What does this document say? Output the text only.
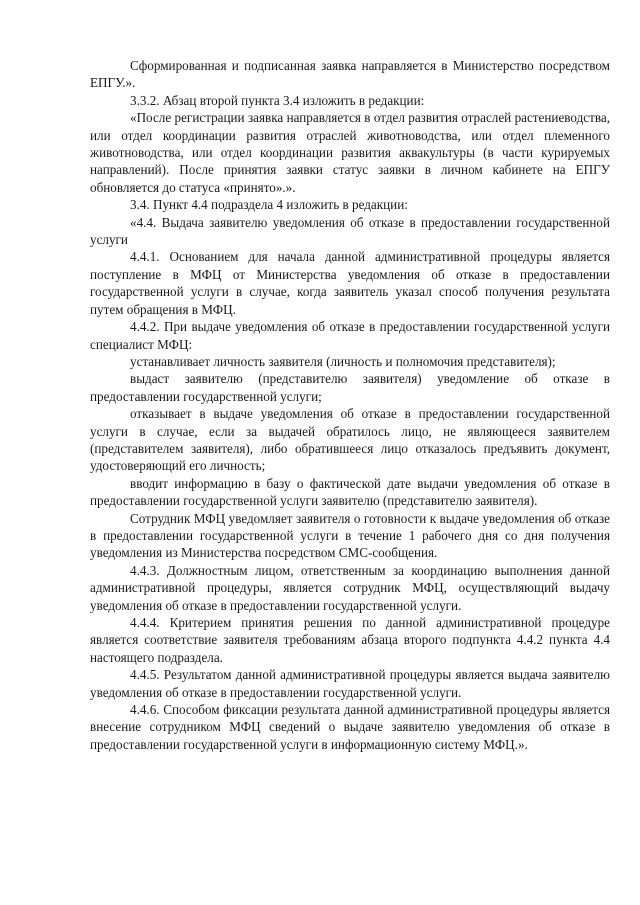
Сформированная и подписанная заявка направляется в Министерство посредством ЕПГУ.».

3.3.2. Абзац второй пункта 3.4 изложить в редакции:

«После регистрации заявка направляется в отдел развития отраслей растениеводства, или отдел координации развития отраслей животноводства, или отдел племенного животноводства, или отдел координации развития аквакультуры (в части курируемых направлений). После принятия заявки статус заявки в личном кабинете на ЕПГУ обновляется до статуса «принято».».

3.4. Пункт 4.4 подраздела 4 изложить в редакции:

«4.4. Выдача заявителю уведомления об отказе в предоставлении государственной услуги

4.4.1. Основанием для начала данной административной процедуры является поступление в МФЦ от Министерства уведомления об отказе в предоставлении государственной услуги в случае, когда заявитель указал способ получения результата путем обращения в МФЦ.

4.4.2. При выдаче уведомления об отказе в предоставлении государственной услуги специалист МФЦ:

устанавливает личность заявителя (личность и полномочия представителя);

выдаст заявителю (представителю заявителя) уведомление об отказе в предоставлении государственной услуги;

отказывает в выдаче уведомления об отказе в предоставлении государственной услуги в случае, если за выдачей обратилось лицо, не являющееся заявителем (представителем заявителя), либо обратившееся лицо отказалось предъявить документ, удостоверяющий его личность;

вводит информацию в базу о фактической дате выдачи уведомления об отказе в предоставлении государственной услуги заявителю (представителю заявителя).

Сотрудник МФЦ уведомляет заявителя о готовности к выдаче уведомления об отказе в предоставлении государственной услуги в течение 1 рабочего дня со дня получения уведомления из Министерства посредством СМС-сообщения.

4.4.3. Должностным лицом, ответственным за координацию выполнения данной административной процедуры, является сотрудник МФЦ, осуществляющий выдачу уведомления об отказе в предоставлении государственной услуги.

4.4.4. Критерием принятия решения по данной административной процедуре является соответствие заявителя требованиям абзаца второго подпункта 4.4.2 пункта 4.4 настоящего подраздела.

4.4.5. Результатом данной административной процедуры является выдача заявителю уведомления об отказе в предоставлении государственной услуги.

4.4.6. Способом фиксации результата данной административной процедуры является внесение сотрудником МФЦ сведений о выдаче заявителю уведомления об отказе в предоставлении государственной услуги в информационную систему МФЦ.».
